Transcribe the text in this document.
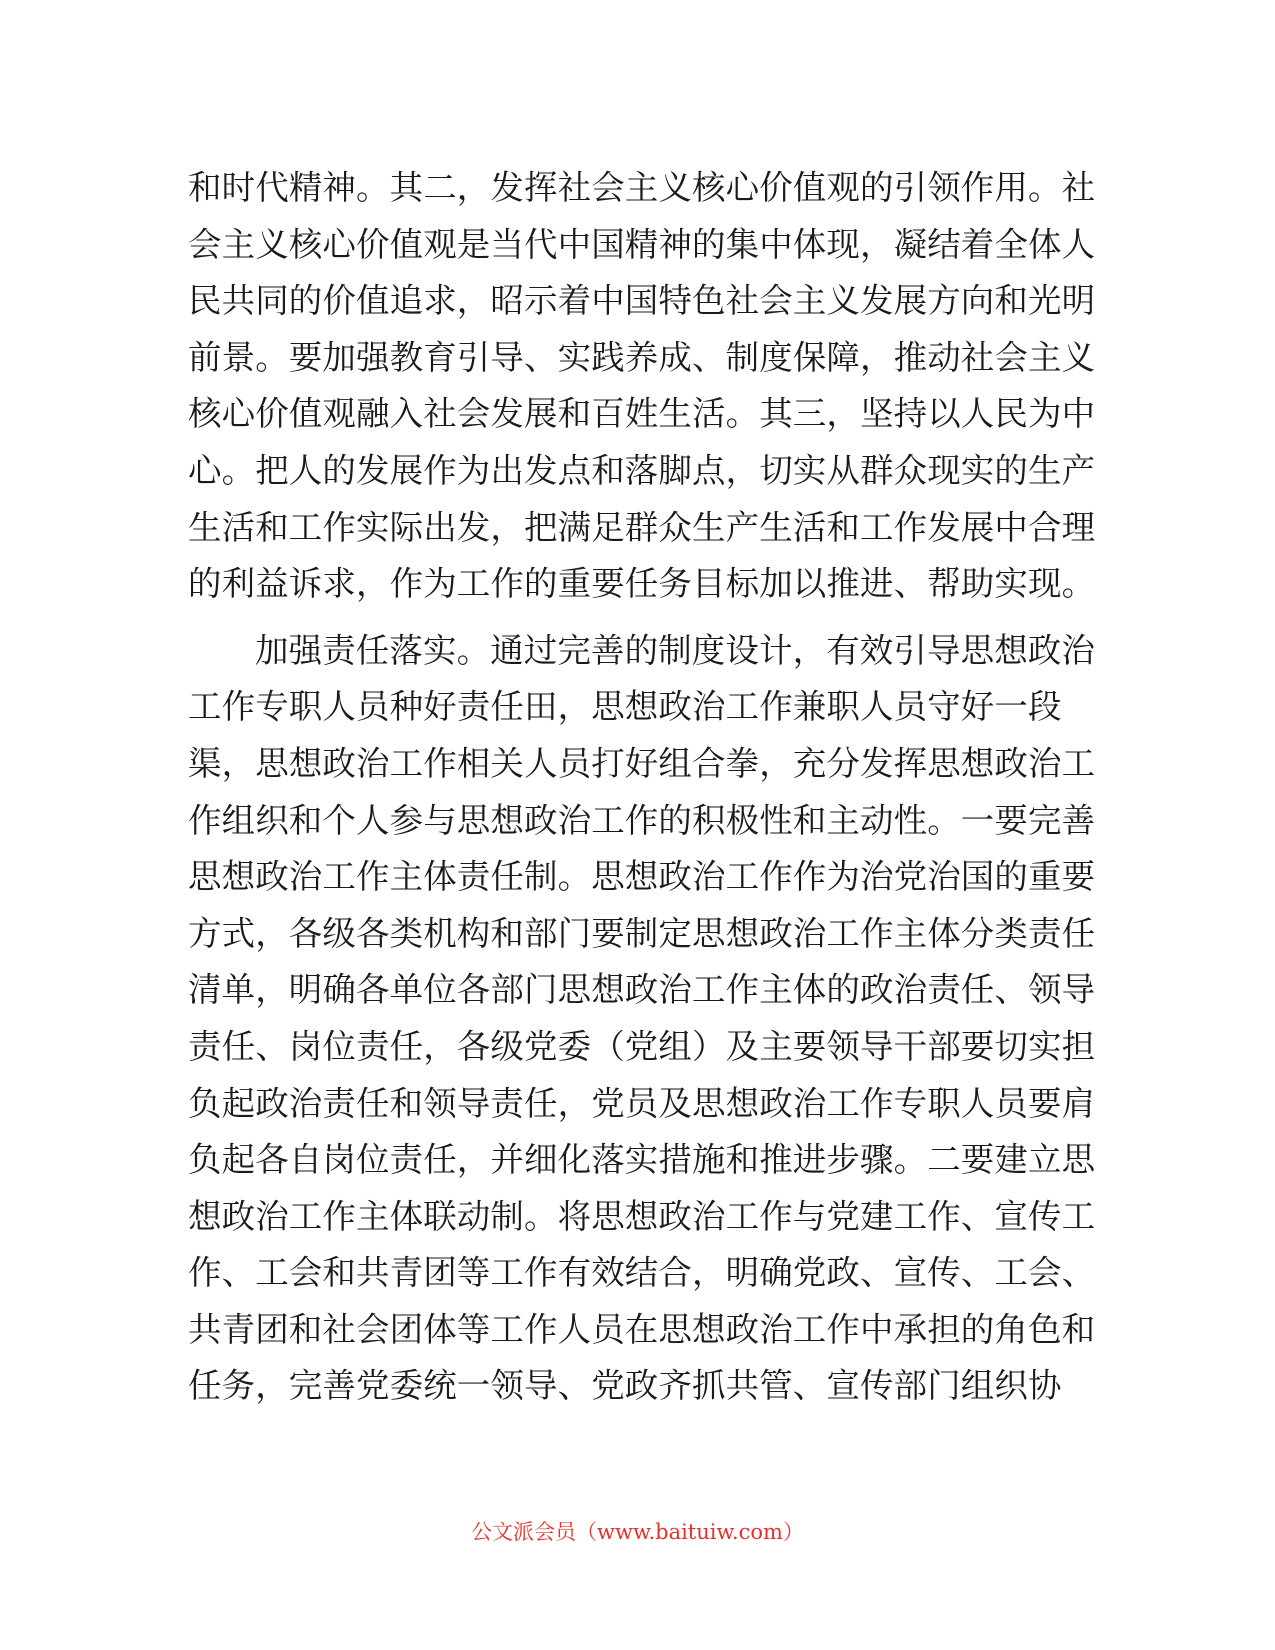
和时代精神。其二，发挥社会主义核心价值观的引领作用。社
会主义核心价值观是当代中国精神的集中体现，凝结着全体人
民共同的价值追求，昭示着中国特色社会主义发展方向和光明
前景。要加强教育引导、实践养成、制度保障，推动社会主义
核心价值观融入社会发展和百姓生活。其三，坚持以人民为中
心。把人的发展作为出发点和落脚点，切实从群众现实的生产
生活和工作实际出发，把满足群众生产生活和工作发展中合理
的利益诉求，作为工作的重要任务目标加以推进、帮助实现。
加强责任落实。通过完善的制度设计，有效引导思想政治
工作专职人员种好责任田，思想政治工作兼职人员守好一段
渠，思想政治工作相关人员打好组合拳，充分发挥思想政治工
作组织和个人参与思想政治工作的积极性和主动性。一要完善
思想政治工作主体责任制。思想政治工作作为治党治国的重要
方式，各级各类机构和部门要制定思想政治工作主体分类责任
清单，明确各单位各部门思想政治工作主体的政治责任、领导
责任、岗位责任，各级党委（党组）及主要领导干部要切实担
负起政治责任和领导责任，党员及思想政治工作专职人员要肩
负起各自岗位责任，并细化落实措施和推进步骤。二要建立思
想政治工作主体联动制。将思想政治工作与党建工作、宣传工
作、工会和共青团等工作有效结合，明确党政、宣传、工会、
共青团和社会团体等工作人员在思想政治工作中承担的角色和
任务，完善党委统一领导、党政齐抓共管、宣传部门组织协
公文派会员（www.baituiw.com）
